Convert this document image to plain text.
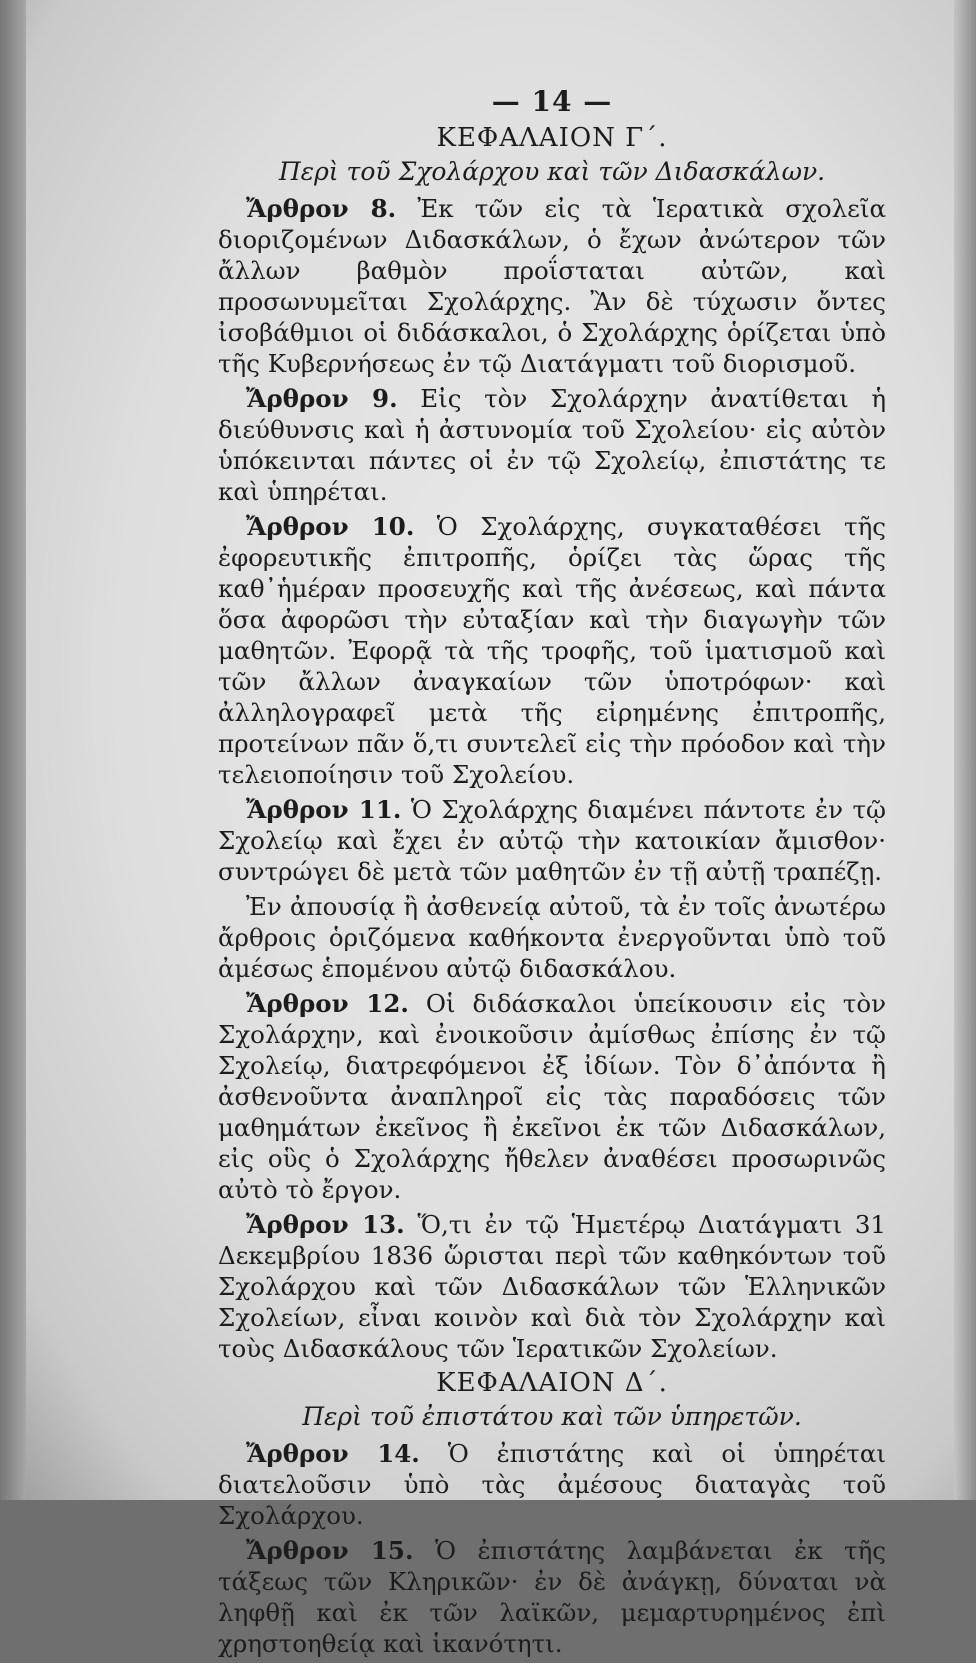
— 14 —
ΚΕΦΑΛΑΙΟΝ Γ΄.
Περὶ τοῦ Σχολάρχου καὶ τῶν Διδασκάλων.

Ἄρθρον 8. Ἐκ τῶν εἰς τὰ Ἱερατικὰ σχολεῖα διοριζομένων Διδασκάλων, ὁ ἔχων ἀνώτερον τῶν ἄλλων βαθμὸν προΐσταται αὐτῶν, καὶ προσωνυμεῖται Σχολάρχης. Ἂν δὲ τύχωσιν ὄντες ἰσοβάθμιοι οἱ διδάσκαλοι, ὁ Σχολάρχης ὁρίζεται ὑπὸ τῆς Κυβερνήσεως ἐν τῷ Διατάγματι τοῦ διορισμοῦ.

Ἄρθρον 9. Εἰς τὸν Σχολάρχην ἀνατίθεται ἡ διεύθυνσις καὶ ἡ ἀστυνομία τοῦ Σχολείου· εἰς αὐτὸν ὑπόκεινται πάντες οἱ ἐν τῷ Σχολείῳ, ἐπιστάτης τε καὶ ὑπηρέται.

Ἄρθρον 10. Ὁ Σχολάρχης, συγκαταθέσει τῆς ἐφορευτικῆς ἐπιτροπῆς, ὁρίζει τὰς ὥρας τῆς καθ᾿ἡμέραν προσευχῆς καὶ τῆς ἀνέσεως, καὶ πάντα ὅσα ἀφορῶσι τὴν εὐταξίαν καὶ τὴν διαγωγὴν τῶν μαθητῶν. Ἐφορᾷ τὰ τῆς τροφῆς, τοῦ ἱματισμοῦ καὶ τῶν ἄλλων ἀναγκαίων τῶν ὑποτρόφων· καὶ ἀλληλογραφεῖ μετὰ τῆς εἰρημένης ἐπιτροπῆς, προτείνων πᾶν ὅ,τι συντελεῖ εἰς τὴν πρόοδον καὶ τὴν τελειοποίησιν τοῦ Σχολείου.

Ἄρθρον 11. Ὁ Σχολάρχης διαμένει πάντοτε ἐν τῷ Σχολείῳ καὶ ἔχει ἐν αὐτῷ τὴν κατοικίαν ἄμισθον· συντρώγει δὲ μετὰ τῶν μαθητῶν ἐν τῇ αὐτῇ τραπέζῃ.

Ἐν ἀπουσίᾳ ἢ ἀσθενείᾳ αὐτοῦ, τὰ ἐν τοῖς ἀνωτέρω ἄρθροις ὁριζόμενα καθήκοντα ἐνεργοῦνται ὑπὸ τοῦ ἀμέσως ἑπομένου αὐτῷ διδασκάλου.

Ἄρθρον 12. Οἱ διδάσκαλοι ὑπείκουσιν εἰς τὸν Σχολάρχην, καὶ ἐνοικοῦσιν ἀμίσθως ἐπίσης ἐν τῷ Σχολείῳ, διατρεφόμενοι ἐξ ἰδίων. Τὸν δ᾿ἀπόντα ἢ ἀσθενοῦντα ἀναπληροῖ εἰς τὰς παραδόσεις τῶν μαθημάτων ἐκεῖνος ἢ ἐκεῖνοι ἐκ τῶν Διδασκάλων, εἰς οὓς ὁ Σχολάρχης ἤθελεν ἀναθέσει προσωρινῶς αὐτὸ τὸ ἔργον.

Ἄρθρον 13. Ὅ,τι ἐν τῷ Ἡμετέρῳ Διατάγματι 31 Δεκεμβρίου 1836 ὥρισται περὶ τῶν καθηκόντων τοῦ Σχολάρχου καὶ τῶν Διδασκάλων τῶν Ἑλληνικῶν Σχολείων, εἶναι κοινὸν καὶ διὰ τὸν Σχολάρχην καὶ τοὺς Διδασκάλους τῶν Ἱερατικῶν Σχολείων.

ΚΕΦΑΛΑΙΟΝ Δ΄.
Περὶ τοῦ ἐπιστάτου καὶ τῶν ὑπηρετῶν.

Ἄρθρον 14. Ὁ ἐπιστάτης καὶ οἱ ὑπηρέται διατελοῦσιν ὑπὸ τὰς ἀμέσους διαταγὰς τοῦ Σχολάρχου.

Ἄρθρον 15. Ὁ ἐπιστάτης λαμβάνεται ἐκ τῆς τάξεως τῶν Κληρικῶν· ἐν δὲ ἀνάγκῃ, δύναται νὰ ληφθῇ καὶ ἐκ τῶν λαϊκῶν, μεμαρτυρημένος ἐπὶ χρηστοηθείᾳ καὶ ἱκανότητι.
